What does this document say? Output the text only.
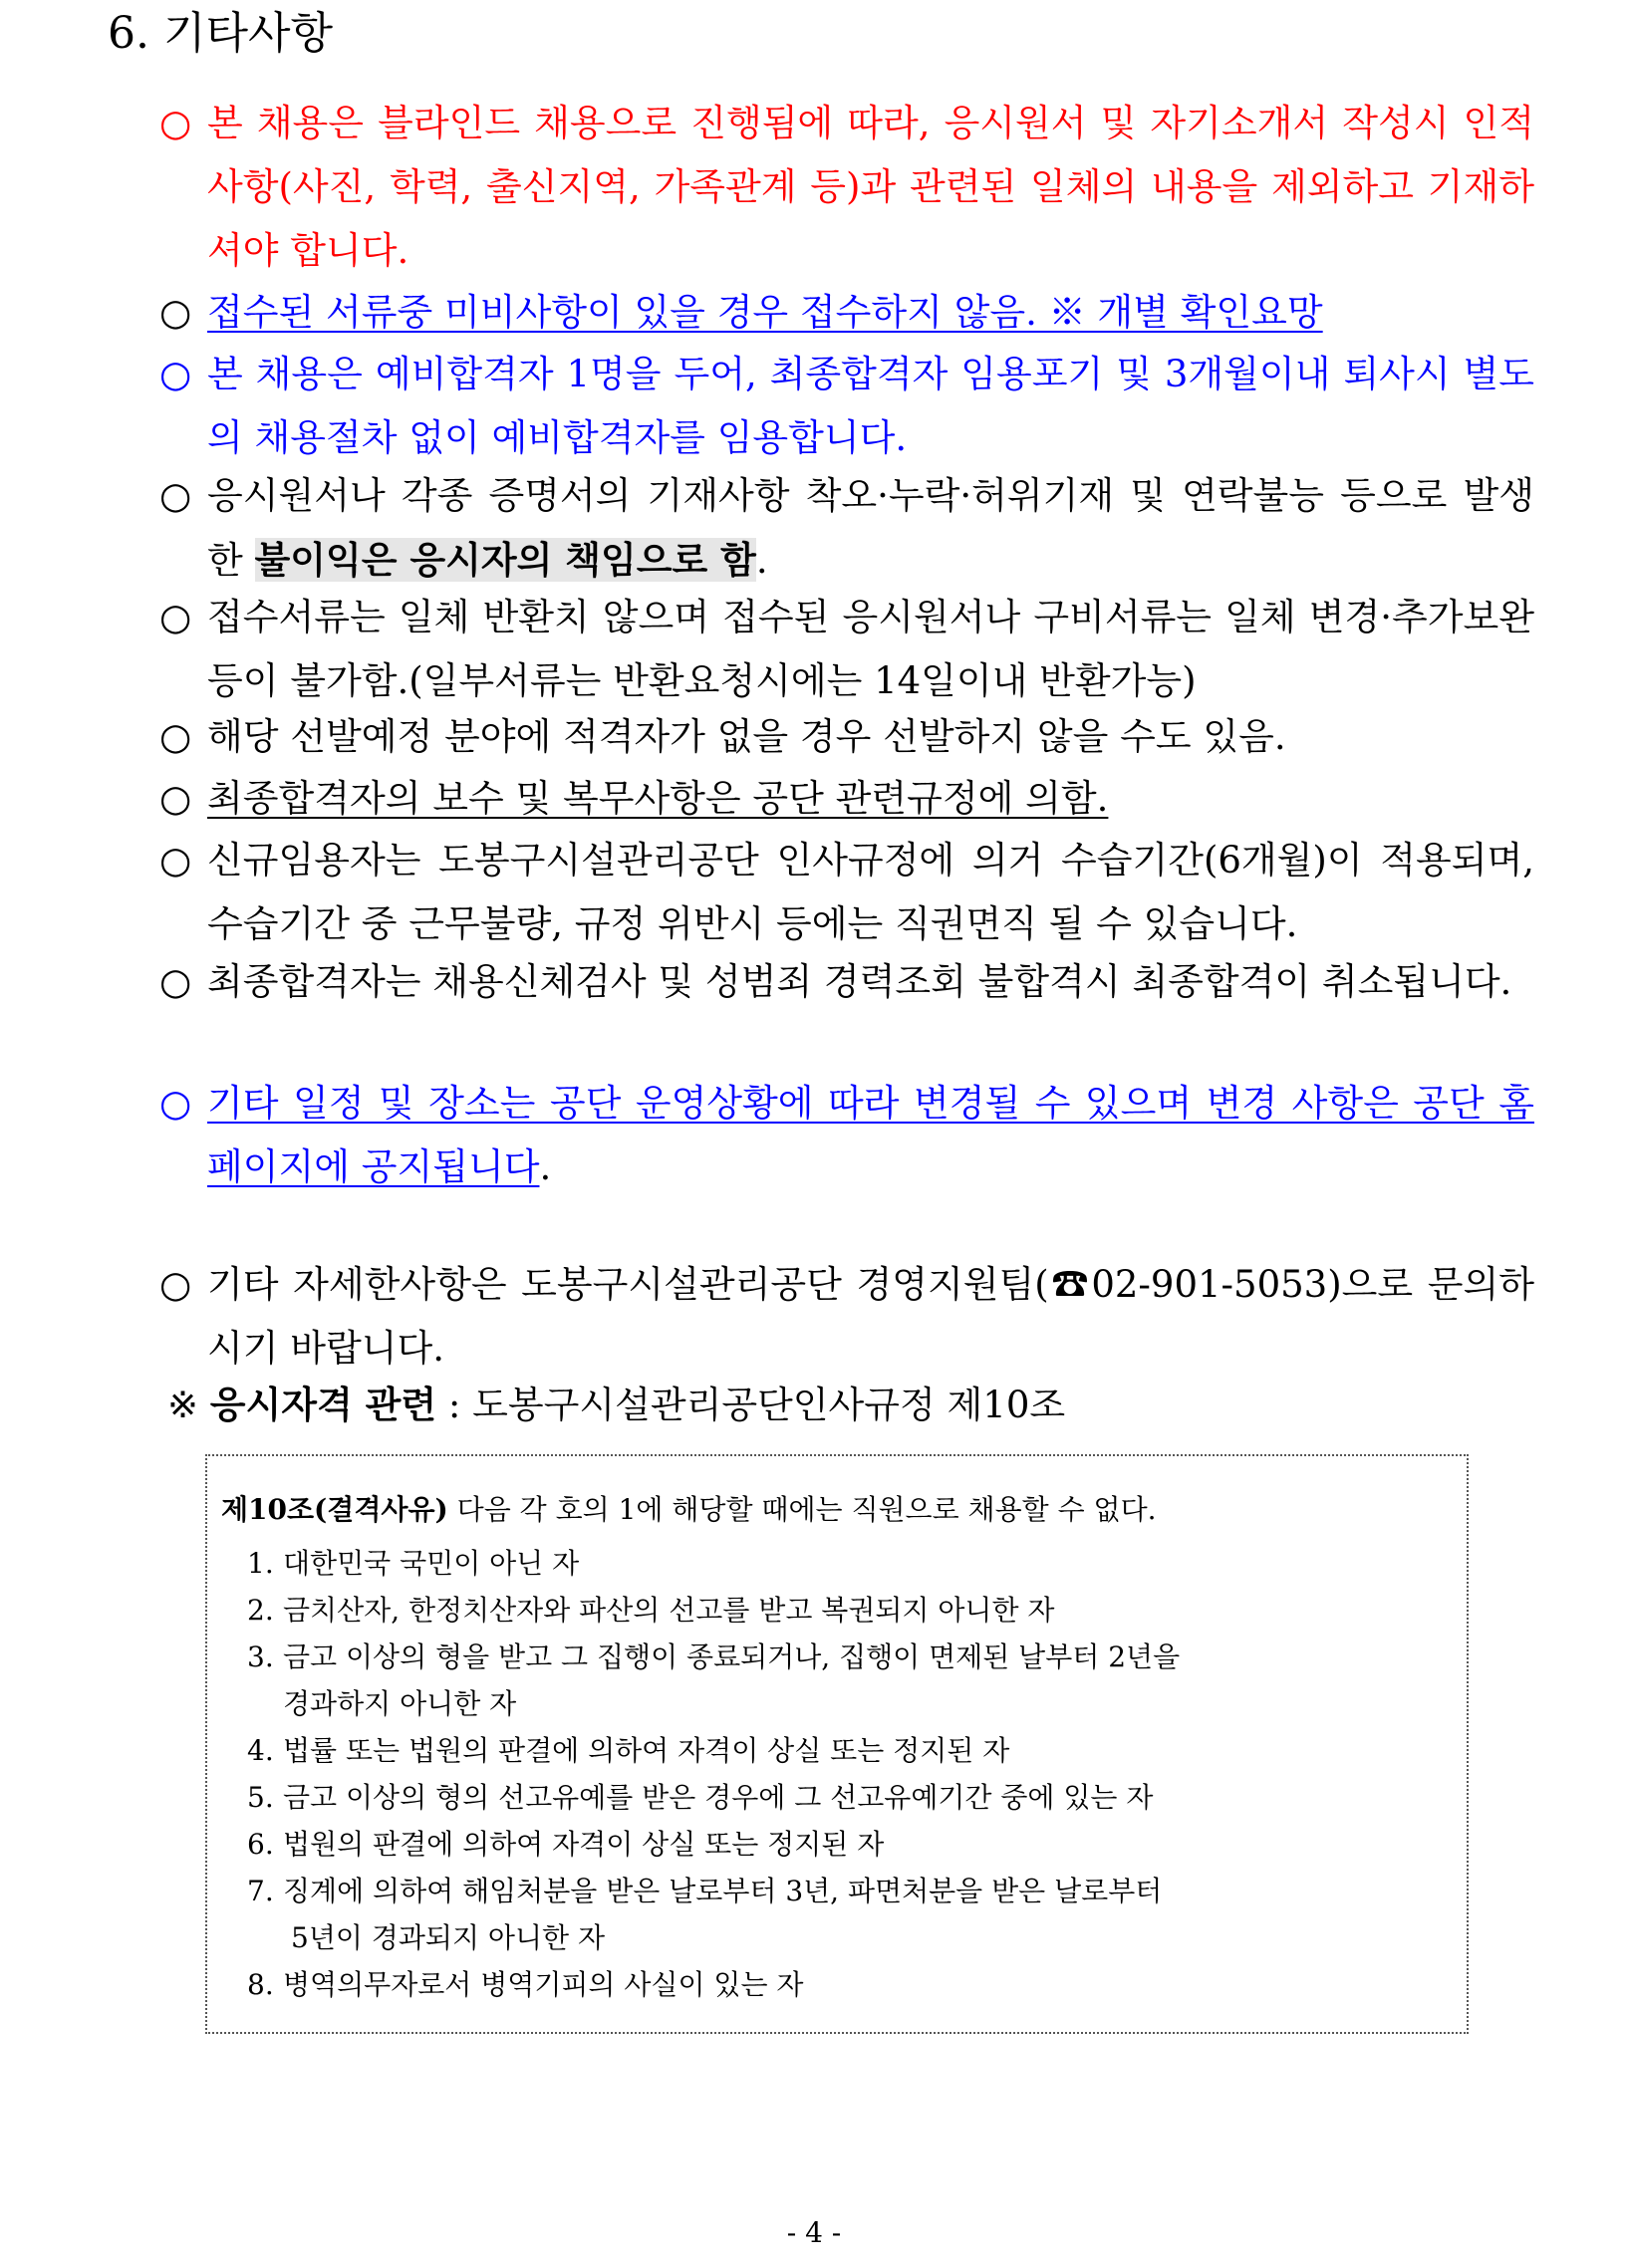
6. 기타사항
○ 본 채용은 블라인드 채용으로 진행됨에 따라, 응시원서 및 자기소개서 작성시 인적사항(사진, 학력, 출신지역, 가족관계 등)과 관련된 일체의 내용을 제외하고 기재하셔야 합니다.
○ 접수된 서류중 미비사항이 있을 경우 접수하지 않음. ※ 개별 확인요망
○ 본 채용은 예비합격자 1명을 두어, 최종합격자 임용포기 및 3개월이내 퇴사시 별도의 채용절차 없이 예비합격자를 임용합니다.
○ 응시원서나 각종 증명서의 기재사항 착오·누락·허위기재 및 연락불능 등으로 발생한 불이익은 응시자의 책임으로 함.
○ 접수서류는 일체 반환치 않으며 접수된 응시원서나 구비서류는 일체 변경·추가보완 등이 불가함.(일부서류는 반환요청시에는 14일이내 반환가능)
○ 해당 선발예정 분야에 적격자가 없을 경우 선발하지 않을 수도 있음.
○ 최종합격자의 보수 및 복무사항은 공단 관련규정에 의함.
○ 신규임용자는 도봉구시설관리공단 인사규정에 의거 수습기간(6개월)이 적용되며, 수습기간 중 근무불량, 규정 위반시 등에는 직권면직 될 수 있습니다.
○ 최종합격자는 채용신체검사 및 성범죄 경력조회 불합격시 최종합격이 취소됩니다.
○ 기타 일정 및 장소는 공단 운영상황에 따라 변경될 수 있으며 변경 사항은 공단 홈페이지에 공지됩니다.
○ 기타 자세한사항은 도봉구시설관리공단 경영지원팀(☎02-901-5053)으로 문의하시기 바랍니다.
※ 응시자격 관련 : 도봉구시설관리공단인사규정 제10조
제10조(결격사유) 다음 각 호의 1에 해당할 때에는 직원으로 채용할 수 없다.
1. 대한민국 국민이 아닌 자
2. 금치산자, 한정치산자와 파산의 선고를 받고 복권되지 아니한 자
3. 금고 이상의 형을 받고 그 집행이 종료되거나, 집행이 면제된 날부터 2년을
경과하지 아니한 자
4. 법률 또는 법원의 판결에 의하여 자격이 상실 또는 정지된 자
5. 금고 이상의 형의 선고유예를 받은 경우에 그 선고유예기간 중에 있는 자
6. 법원의 판결에 의하여 자격이 상실 또는 정지된 자
7. 징계에 의하여 해임처분을 받은 날로부터 3년, 파면처분을 받은 날로부터
5년이 경과되지 아니한 자
8. 병역의무자로서 병역기피의 사실이 있는 자
- 4 -
